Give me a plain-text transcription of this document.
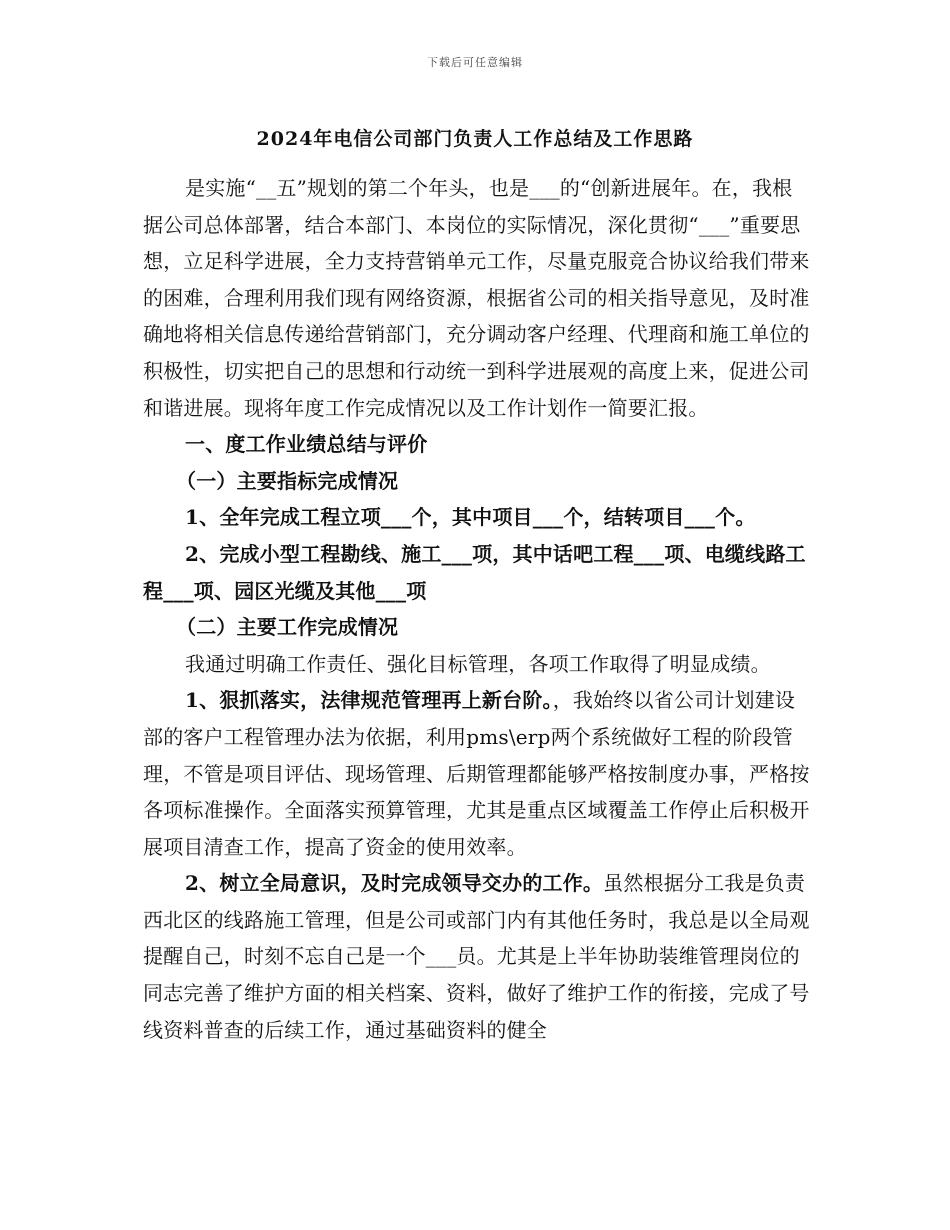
下载后可任意编辑
2024年电信公司部门负责人工作总结及工作思路

是实施“__五”规划的第二个年头，也是___的“创新进展年。在，我根据公司总体部署，结合本部门、本岗位的实际情况，深化贯彻“___”重要思想，立足科学进展，全力支持营销单元工作，尽量克服竞合协议给我们带来的困难，合理利用我们现有网络资源，根据省公司的相关指导意见，及时准确地将相关信息传递给营销部门，充分调动客户经理、代理商和施工单位的积极性，切实把自己的思想和行动统一到科学进展观的高度上来，促进公司和谐进展。现将年度工作完成情况以及工作计划作一简要汇报。

一、度工作业绩总结与评价

（一）主要指标完成情况

1、全年完成工程立项___个，其中项目___个，结转项目___个。

2、完成小型工程勘线、施工___项，其中话吧工程___项、电缆线路工程___项、园区光缆及其他___项

（二）主要工作完成情况

我通过明确工作责任、强化目标管理，各项工作取得了明显成绩。

1、狠抓落实，法律规范管理再上新台阶。，我始终以省公司计划建设部的客户工程管理办法为依据，利用pms\erp两个系统做好工程的阶段管理，不管是项目评估、现场管理、后期管理都能够严格按制度办事，严格按各项标准操作。全面落实预算管理，尤其是重点区域覆盖工作停止后积极开展项目清查工作，提高了资金的使用效率。

2、树立全局意识，及时完成领导交办的工作。虽然根据分工我是负责西北区的线路施工管理，但是公司或部门内有其他任务时，我总是以全局观提醒自己，时刻不忘自己是一个___员。尤其是上半年协助装维管理岗位的同志完善了维护方面的相关档案、资料，做好了维护工作的衔接，完成了号线资料普查的后续工作，通过基础资料的健全
